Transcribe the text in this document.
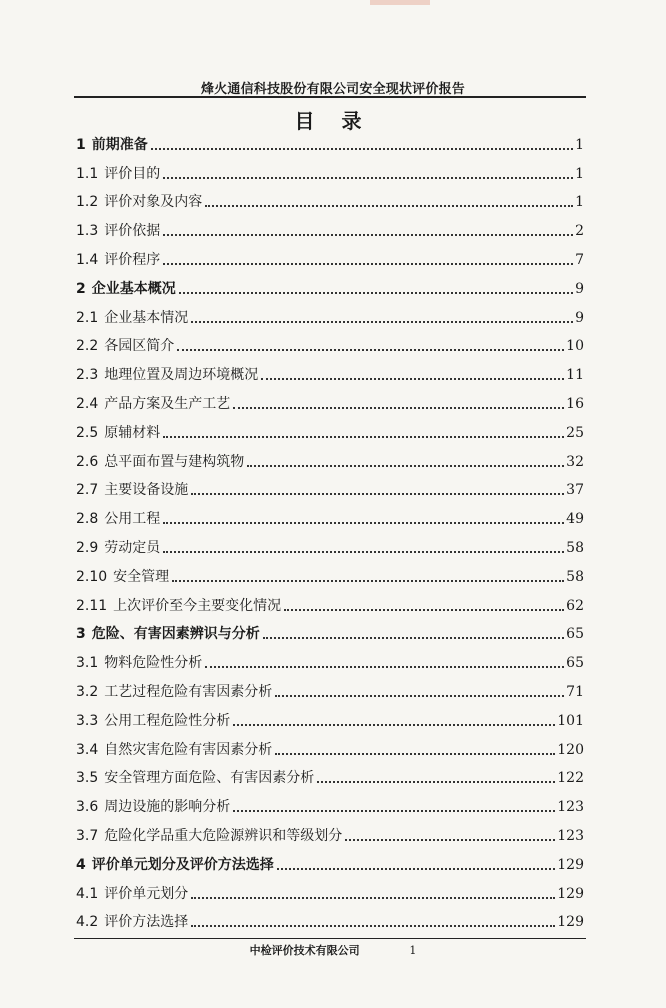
烽火通信科技股份有限公司安全现状评价报告
目 录
1 前期准备	1
1.1 评价目的	1
1.2 评价对象及内容	1
1.3 评价依据	2
1.4 评价程序	7
2 企业基本概况	9
2.1 企业基本情况	9
2.2 各园区简介	10
2.3 地理位置及周边环境概况	11
2.4 产品方案及生产工艺	16
2.5 原辅材料	25
2.6 总平面布置与建构筑物	32
2.7 主要设备设施	37
2.8 公用工程	49
2.9 劳动定员	58
2.10 安全管理	58
2.11 上次评价至今主要变化情况	62
3 危险、有害因素辨识与分析	65
3.1 物料危险性分析	65
3.2 工艺过程危险有害因素分析	71
3.3 公用工程危险性分析	101
3.4 自然灾害危险有害因素分析	120
3.5 安全管理方面危险、有害因素分析	122
3.6 周边设施的影响分析	123
3.7 危险化学品重大危险源辨识和等级划分	123
4 评价单元划分及评价方法选择	129
4.1 评价单元划分	129
4.2 评价方法选择	129
中检评价技术有限公司	1
